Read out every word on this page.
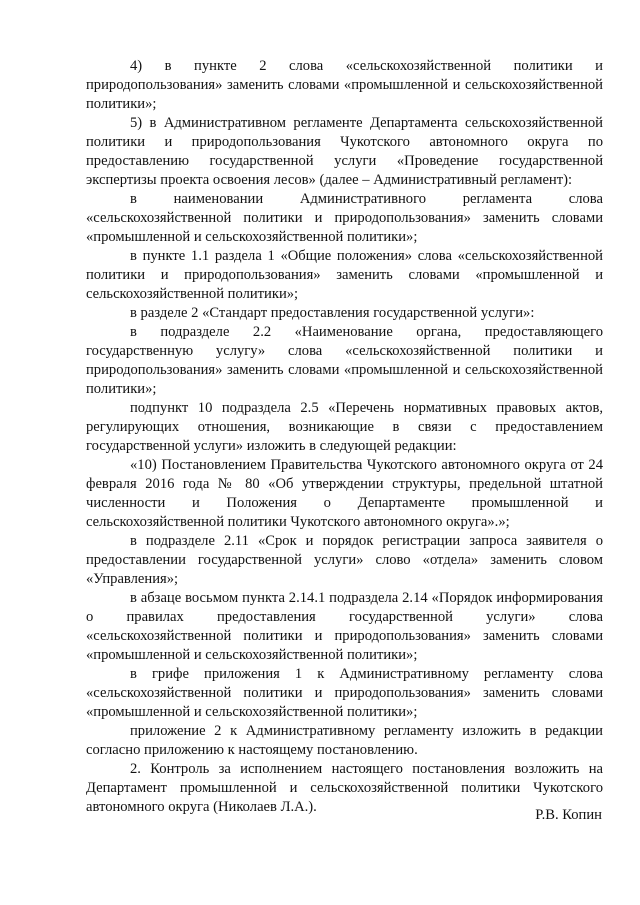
4) в пункте 2 слова «сельскохозяйственной политики и природопользования» заменить словами «промышленной и сельскохозяйственной политики»;

5) в Административном регламенте Департамента сельскохозяйственной политики и природопользования Чукотского автономного округа по предоставлению государственной услуги «Проведение государственной экспертизы проекта освоения лесов» (далее – Административный регламент):

в наименовании Административного регламента слова «сельскохозяйственной политики и природопользования» заменить словами «промышленной и сельскохозяйственной политики»;

в пункте 1.1 раздела 1 «Общие положения» слова «сельскохозяйственной политики и природопользования» заменить словами «промышленной и сельскохозяйственной политики»;

в разделе 2 «Стандарт предоставления государственной услуги»:

в подразделе 2.2 «Наименование органа, предоставляющего государственную услугу» слова «сельскохозяйственной политики и природопользования» заменить словами «промышленной и сельскохозяйственной политики»;

подпункт 10 подраздела 2.5 «Перечень нормативных правовых актов, регулирующих отношения, возникающие в связи с предоставлением государственной услуги» изложить в следующей редакции:

«10) Постановлением Правительства Чукотского автономного округа от 24 февраля 2016 года № 80 «Об утверждении структуры, предельной штатной численности и Положения о Департаменте промышленной и сельскохозяйственной политики Чукотского автономного округа».»;

в подразделе 2.11 «Срок и порядок регистрации запроса заявителя о предоставлении государственной услуги» слово «отдела» заменить словом «Управления»;

в абзаце восьмом пункта 2.14.1 подраздела 2.14 «Порядок информирования о правилах предоставления государственной услуги» слова «сельскохозяйственной политики и природопользования» заменить словами «промышленной и сельскохозяйственной политики»;

в грифе приложения 1 к Административному регламенту слова «сельскохозяйственной политики и природопользования» заменить словами «промышленной и сельскохозяйственной политики»;

приложение 2 к Административному регламенту изложить в редакции согласно приложению к настоящему постановлению.

2. Контроль за исполнением настоящего постановления возложить на Департамент промышленной и сельскохозяйственной политики Чукотского автономного округа (Николаев Л.А.).	Р.В. Копин
